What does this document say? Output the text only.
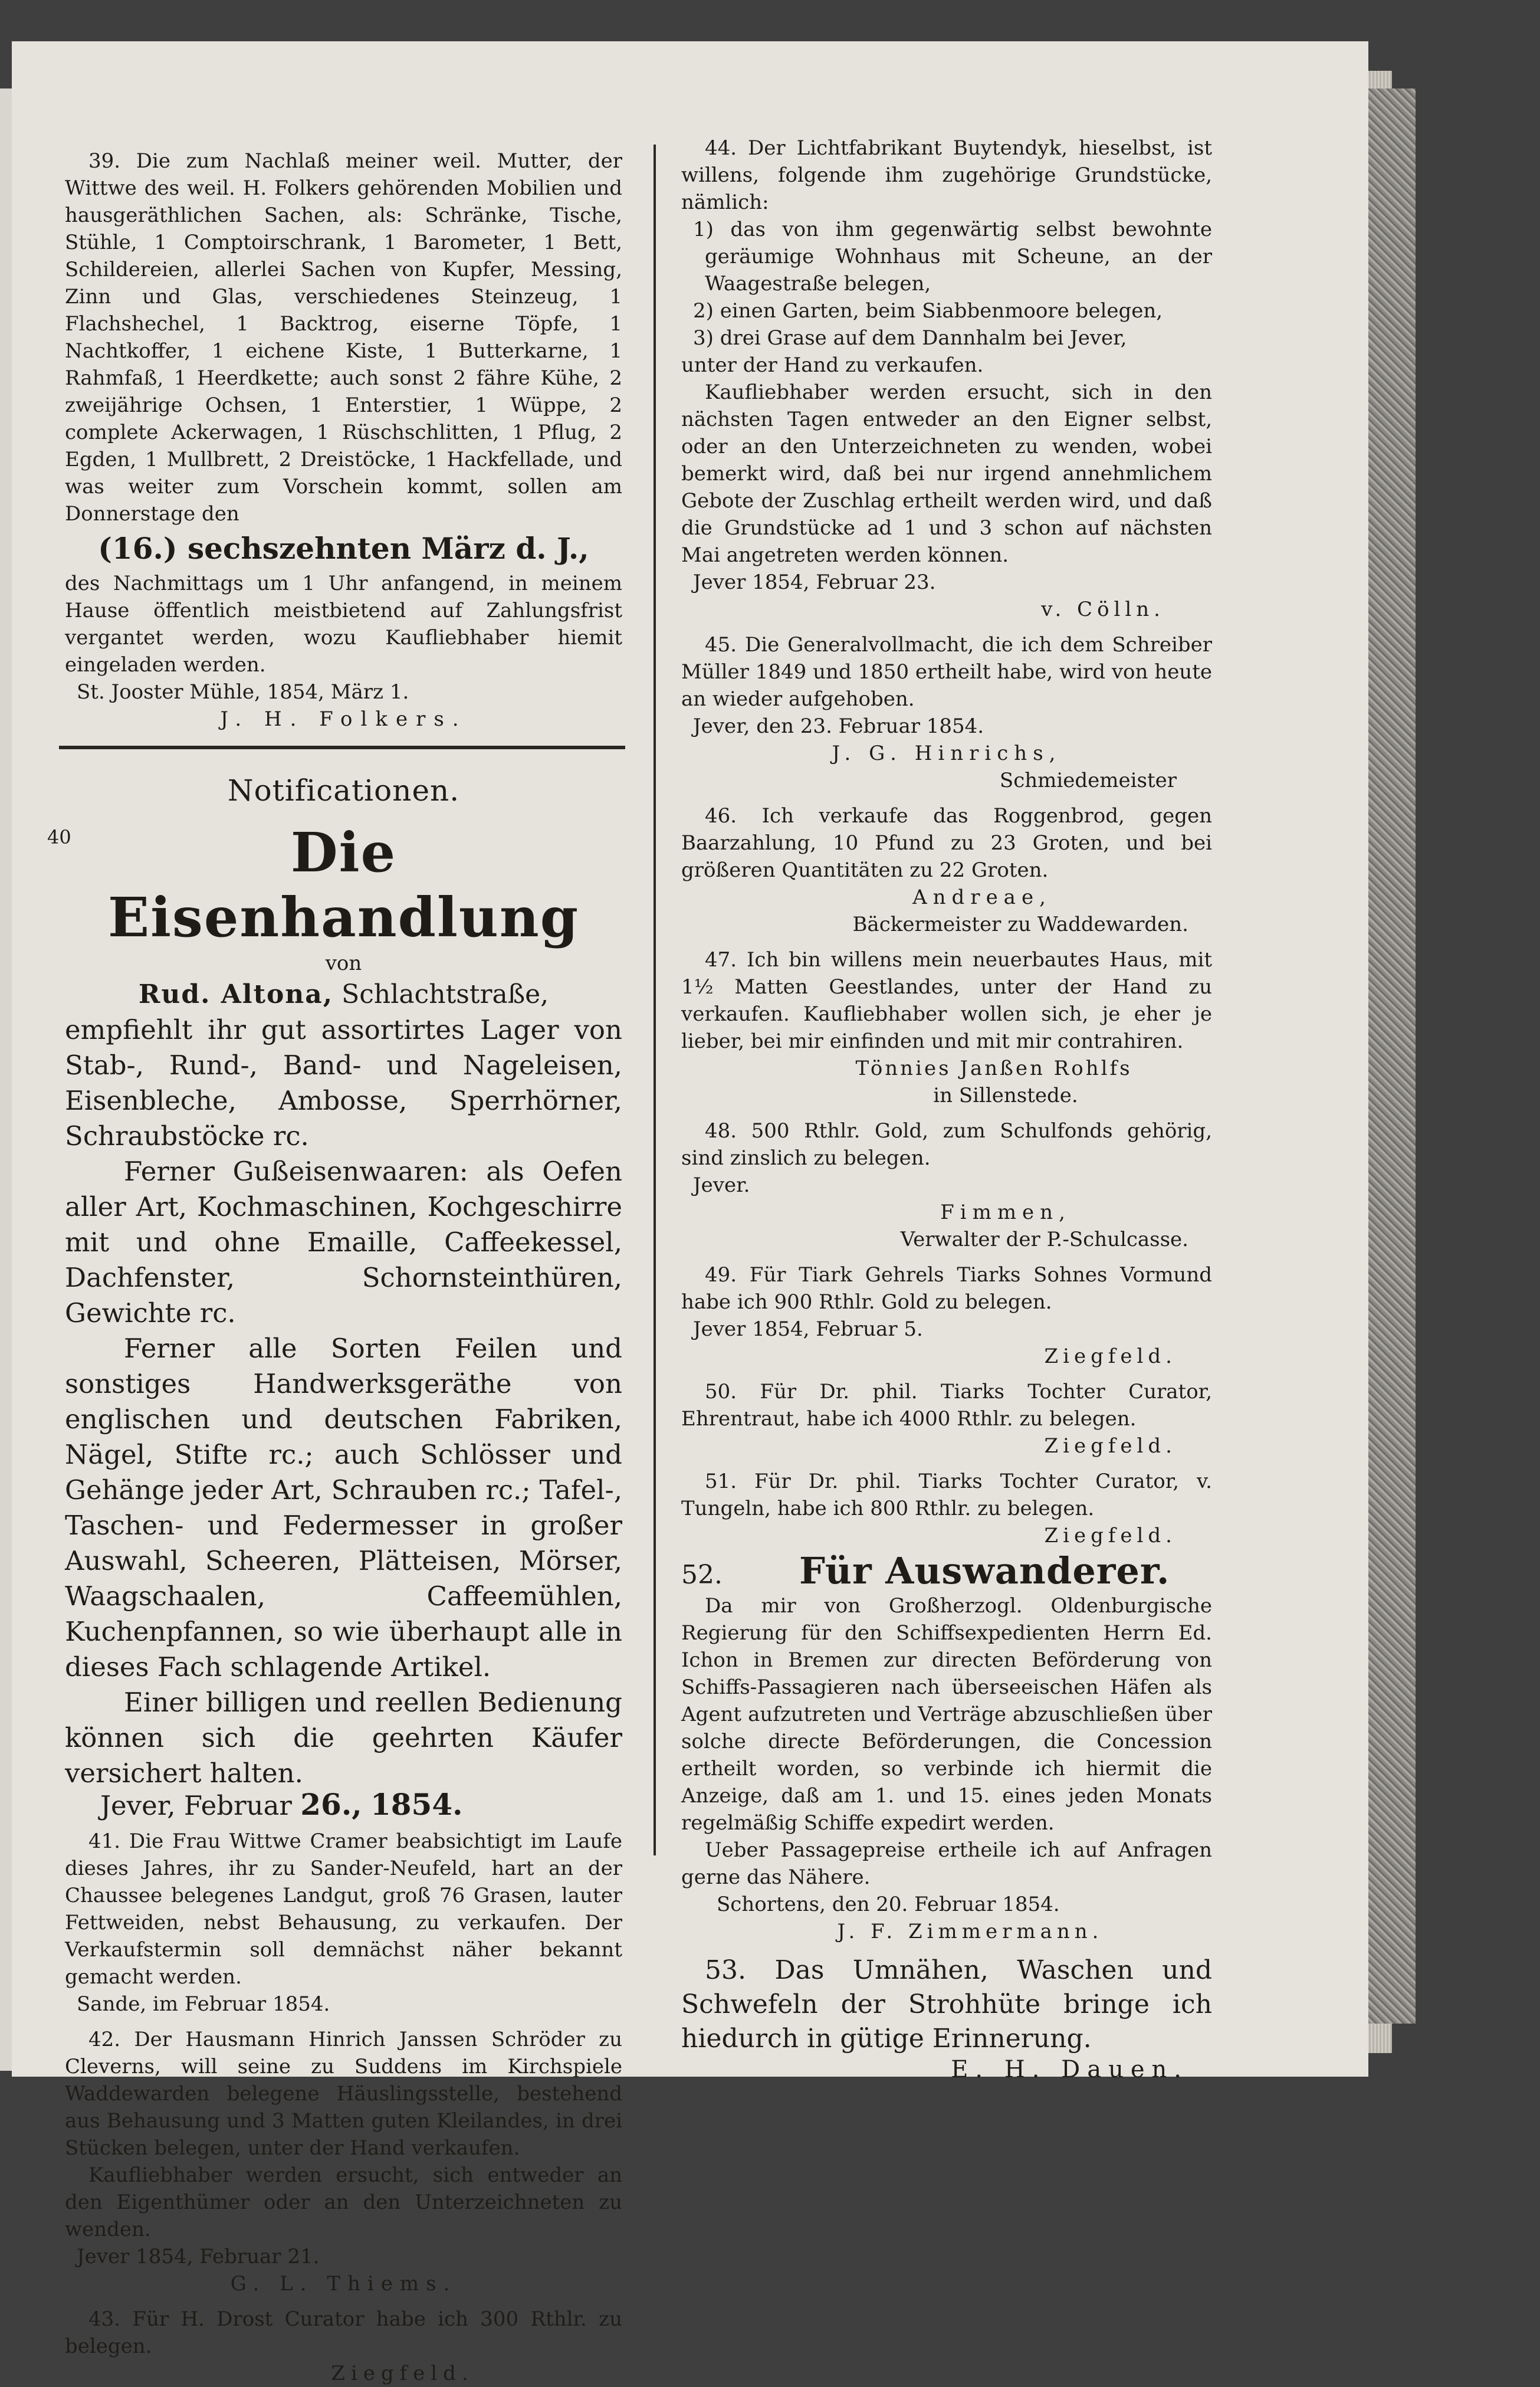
39. Die zum Nachlaß meiner weil. Mutter, der Wittwe des weil. H. Folkers gehörenden Mobilien und hausgeräthlichen Sachen, als: Schränke, Tische, Stühle, 1 Comptoirschrank, 1 Barometer, 1 Bett, Schildereien, allerlei Sachen von Kupfer, Messing, Zinn und Glas, verschiedenes Steinzeug, 1 Flachshechel, 1 Backtrog, eiserne Töpfe, 1 Nachtkoffer, 1 eichene Kiste, 1 Butterkarne, 1 Rahmfaß, 1 Heerdkette; auch sonst 2 fähre Kühe, 2 zweijährige Ochsen, 1 Enterstier, 1 Wüppe, 2 complete Ackerwagen, 1 Rüschschlitten, 1 Pflug, 2 Egden, 1 Mullbrett, 2 Dreistöcke, 1 Hackfellade, und was weiter zum Vorschein kommt, sollen am Donnerstage den

(16.) sechszehnten März d. J.,

des Nachmittags um 1 Uhr anfangend, in meinem Hause öffentlich meistbietend auf Zahlungsfrist vergantet werden, wozu Kaufliebhaber hiemit eingeladen werden.

St. Jooster Mühle, 1854, März 1.

J. H. Folkers.
Notificationen.
40	Die Eisenhandlung
von
Rud. Altona, Schlachtstraße,

empfiehlt ihr gut assortirtes Lager von Stab-, Rund-, Band- und Nageleisen, Eisenbleche, Ambosse, Sperrhörner, Schraubstöcke rc.

Ferner Gußeisenwaaren: als Oefen aller Art, Kochmaschinen, Kochgeschirre mit und ohne Emaille, Caffeekessel, Dachfenster, Schornsteinthüren, Gewichte rc.

Ferner alle Sorten Feilen und sonstiges Handwerksgeräthe von englischen und deutschen Fabriken, Nägel, Stifte rc.; auch Schlösser und Gehänge jeder Art, Schrauben rc.; Tafel-, Taschen- und Federmesser in großer Auswahl, Scheeren, Plätteisen, Mörser, Waagschaalen, Caffeemühlen, Kuchenpfannen, so wie überhaupt alle in dieses Fach schlagende Artikel.

Einer billigen und reellen Bedienung können sich die geehrten Käufer versichert halten.

Jever, Februar 26., 1854.

41. Die Frau Wittwe Cramer beabsichtigt im Laufe dieses Jahres, ihr zu Sander-Neufeld, hart an der Chaussee belegenes Landgut, groß 76 Grasen, lauter Fettweiden, nebst Behausung, zu verkaufen. Der Verkaufstermin soll demnächst näher bekannt gemacht werden.

Sande, im Februar 1854.

42. Der Hausmann Hinrich Janssen Schröder zu Cleverns, will seine zu Suddens im Kirchspiele Waddewarden belegene Häuslingsstelle, bestehend aus Behausung und 3 Matten guten Kleilandes, in drei Stücken belegen, unter der Hand verkaufen.

Kaufliebhaber werden ersucht, sich entweder an den Eigenthümer oder an den Unterzeichneten zu wenden.

Jever 1854, Februar 21.

G. L. Thiems.

43. Für H. Drost Curator habe ich 300 Rthlr. zu belegen.

Ziegfeld.

44. Der Lichtfabrikant Buytendyk, hieselbst, ist willens, folgende ihm zugehörige Grundstücke, nämlich:

1) das von ihm gegenwärtig selbst bewohnte geräumige Wohnhaus mit Scheune, an der Waagestraße belegen,

2) einen Garten, beim Siabbenmoore belegen,

3) drei Grase auf dem Dannhalm bei Jever,

unter der Hand zu verkaufen.

Kaufliebhaber werden ersucht, sich in den nächsten Tagen entweder an den Eigner selbst, oder an den Unterzeichneten zu wenden, wobei bemerkt wird, daß bei nur irgend annehmlichem Gebote der Zuschlag ertheilt werden wird, und daß die Grundstücke ad 1 und 3 schon auf nächsten Mai angetreten werden können.

Jever 1854, Februar 23.

v. Cölln.

45. Die Generalvollmacht, die ich dem Schreiber Müller 1849 und 1850 ertheilt habe, wird von heute an wieder aufgehoben.

Jever, den 23. Februar 1854.

J. G. Hinrichs,
Schmiedemeister

46. Ich verkaufe das Roggenbrod, gegen Baarzahlung, 10 Pfund zu 23 Groten, und bei größeren Quantitäten zu 22 Groten.

Andreae,
Bäckermeister zu Waddewarden.

47. Ich bin willens mein neuerbautes Haus, mit 1½ Matten Geestlandes, unter der Hand zu verkaufen. Kaufliebhaber wollen sich, je eher je lieber, bei mir einfinden und mit mir contrahiren.

Tönnies Janßen Rohlfs
in Sillenstede.

48. 500 Rthlr. Gold, zum Schulfonds gehörig, sind zinslich zu belegen.

Jever.

Fimmen,
Verwalter der P.-Schulcasse.

49. Für Tiark Gehrels Tiarks Sohnes Vormund habe ich 900 Rthlr. Gold zu belegen.

Jever 1854, Februar 5.

Ziegfeld.

50. Für Dr. phil. Tiarks Tochter Curator, Ehrentraut, habe ich 4000 Rthlr. zu belegen.

Ziegfeld.

51. Für Dr. phil. Tiarks Tochter Curator, v. Tungeln, habe ich 800 Rthlr. zu belegen.

Ziegfeld.
52.	Für Auswanderer.

Da mir von Großherzogl. Oldenburgische Regierung für den Schiffsexpedienten Herrn Ed. Ichon in Bremen zur directen Beförderung von Schiffs-Passagieren nach überseeischen Häfen als Agent aufzutreten und Verträge abzuschließen über solche directe Beförderungen, die Concession ertheilt worden, so verbinde ich hiermit die Anzeige, daß am 1. und 15. eines jeden Monats regelmäßig Schiffe expedirt werden.

Ueber Passagepreise ertheile ich auf Anfragen gerne das Nähere.

Schortens, den 20. Februar 1854.

J. F. Zimmermann.

53. Das Umnähen, Waschen und Schwefeln der Strohhüte bringe ich hiedurch in gütige Erinnerung.

E. H. Dauen.
